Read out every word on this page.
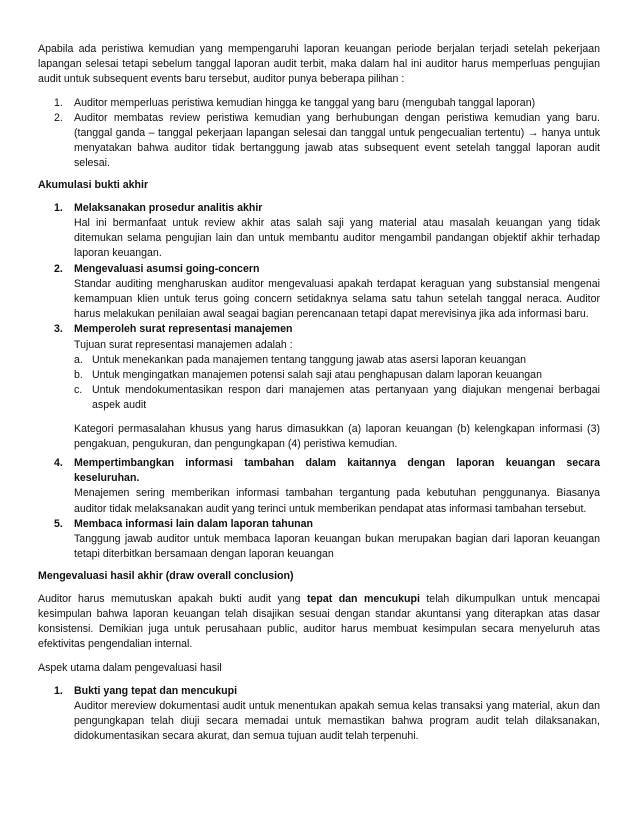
Apabila ada peristiwa kemudian yang mempengaruhi laporan keuangan periode berjalan terjadi setelah pekerjaan lapangan selesai tetapi sebelum tanggal laporan audit terbit, maka dalam hal ini auditor harus memperluas pengujian audit untuk subsequent events baru tersebut, auditor punya beberapa pilihan :

1. Auditor memperluas peristiwa kemudian hingga ke tanggal yang baru (mengubah tanggal laporan)
2. Auditor membatas review peristiwa kemudian yang berhubungan dengan peristiwa kemudian yang baru. (tanggal ganda – tanggal pekerjaan lapangan selesai dan tanggal untuk pengecualian tertentu) → hanya untuk menyatakan bahwa auditor tidak bertanggung jawab atas subsequent event setelah tanggal laporan audit selesai.

Akumulasi bukti akhir

1. Melaksanakan prosedur analitis akhir
Hal ini bermanfaat untuk review akhir atas salah saji yang material atau masalah keuangan yang tidak ditemukan selama pengujian lain dan untuk membantu auditor mengambil pandangan objektif akhir terhadap laporan keuangan.
2. Mengevaluasi asumsi going-concern
Standar auditing mengharuskan auditor mengevaluasi apakah terdapat keraguan yang substansial mengenai kemampuan klien untuk terus going concern setidaknya selama satu tahun setelah tanggal neraca. Auditor harus melakukan penilaian awal seagai bagian perencanaan tetapi dapat merevisinya jika ada informasi baru.
3. Memperoleh surat representasi manajemen
Tujuan surat representasi manajemen adalah :
a. Untuk menekankan pada manajemen tentang tanggung jawab atas asersi laporan keuangan
b. Untuk mengingatkan manajemen potensi salah saji atau penghapusan dalam laporan keuangan
c. Untuk mendokumentasikan respon dari manajemen atas pertanyaan yang diajukan mengenai berbagai aspek audit
Kategori permasalahan khusus yang harus dimasukkan (a) laporan keuangan (b) kelengkapan informasi (3) pengakuan, pengukuran, dan pengungkapan (4) peristiwa kemudian.
4. Mempertimbangkan informasi tambahan dalam kaitannya dengan laporan keuangan secara keseluruhan.
Menajemen sering memberikan informasi tambahan tergantung pada kebutuhan penggunanya. Biasanya auditor tidak melaksanakan audit yang terinci untuk memberikan pendapat atas informasi tambahan tersebut.
5. Membaca informasi lain dalam laporan tahunan
Tanggung jawab auditor untuk membaca laporan keuangan bukan merupakan bagian dari laporan keuangan tetapi diterbitkan bersamaan dengan laporan keuangan

Mengevaluasi hasil akhir (draw overall conclusion)

Auditor harus memutuskan apakah bukti audit yang tepat dan mencukupi telah dikumpulkan untuk mencapai kesimpulan bahwa laporan keuangan telah disajikan sesuai dengan standar akuntansi yang diterapkan atas dasar konsistensi. Demikian juga untuk perusahaan public, auditor harus membuat kesimpulan secara menyeluruh atas efektivitas pengendalian internal.

Aspek utama dalam pengevaluasi hasil

1. Bukti yang tepat dan mencukupi
Auditor mereview dokumentasi audit untuk menentukan apakah semua kelas transaksi yang material, akun dan pengungkapan telah diuji secara memadai untuk memastikan bahwa program audit telah dilaksanakan, didokumentasikan secara akurat, dan semua tujuan audit telah terpenuhi.
